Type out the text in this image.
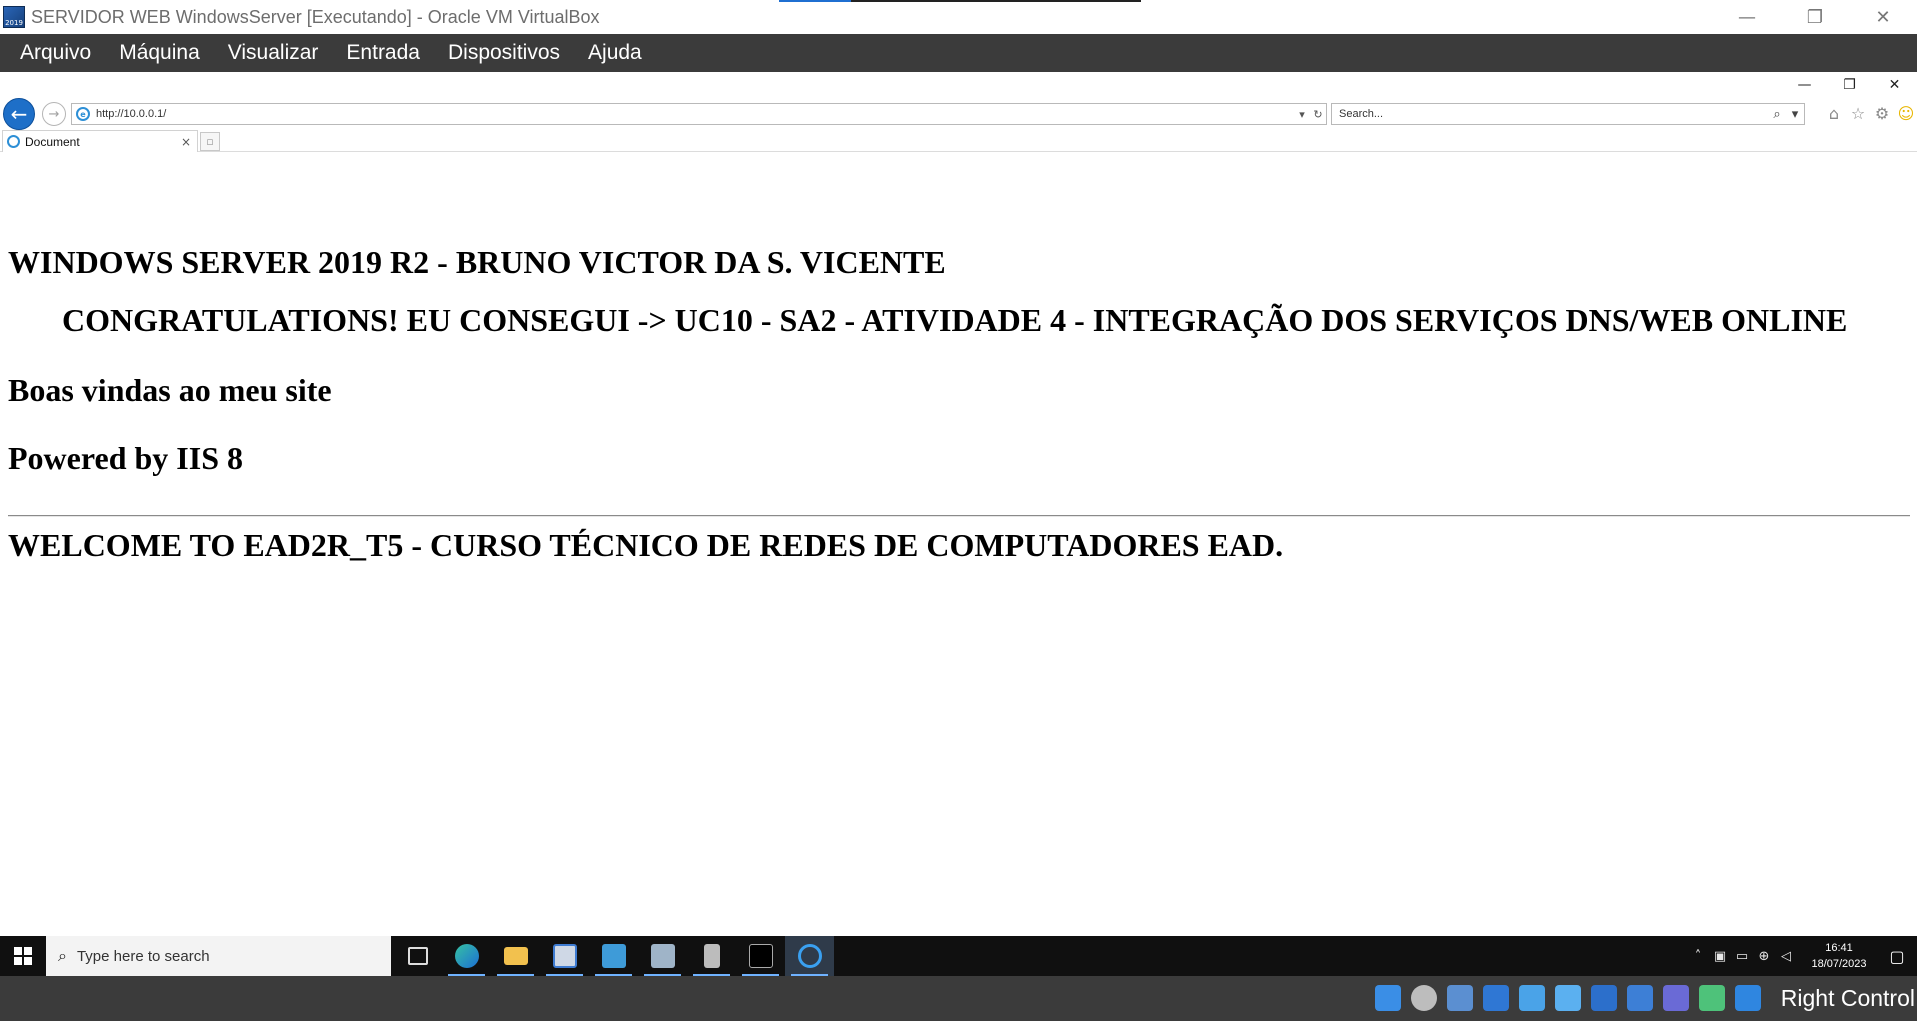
2019 SERVIDOR WEB WindowsServer [Executando] - Oracle VM VirtualBox	—	❐	✕
Arquivo	Máquina	Visualizar	Entrada	Dispositivos	Ajuda
—	❐	✕
←	→	e http://10.0.0.1/	▾ ↻	Search...	⌕ ▾	⌂ ☆ ⚙ ☺
Document	×	▫
WINDOWS SERVER 2019 R2 - BRUNO VICTOR DA S. VICENTE
CONGRATULATIONS! EU CONSEGUI -> UC10 - SA2 - ATIVIDADE 4 - INTEGRAÇÃO DOS SERVIÇOS DNS/WEB ONLINE
Boas vindas ao meu site
Powered by IIS 8
WELCOME TO EAD2R_T5 - CURSO TÉCNICO DE REDES DE COMPUTADORES EAD.
⌕ Type here to search	˄ ▣ ▭ ⊕ ◁
16:41
18/07/2023	▢
Right Control
